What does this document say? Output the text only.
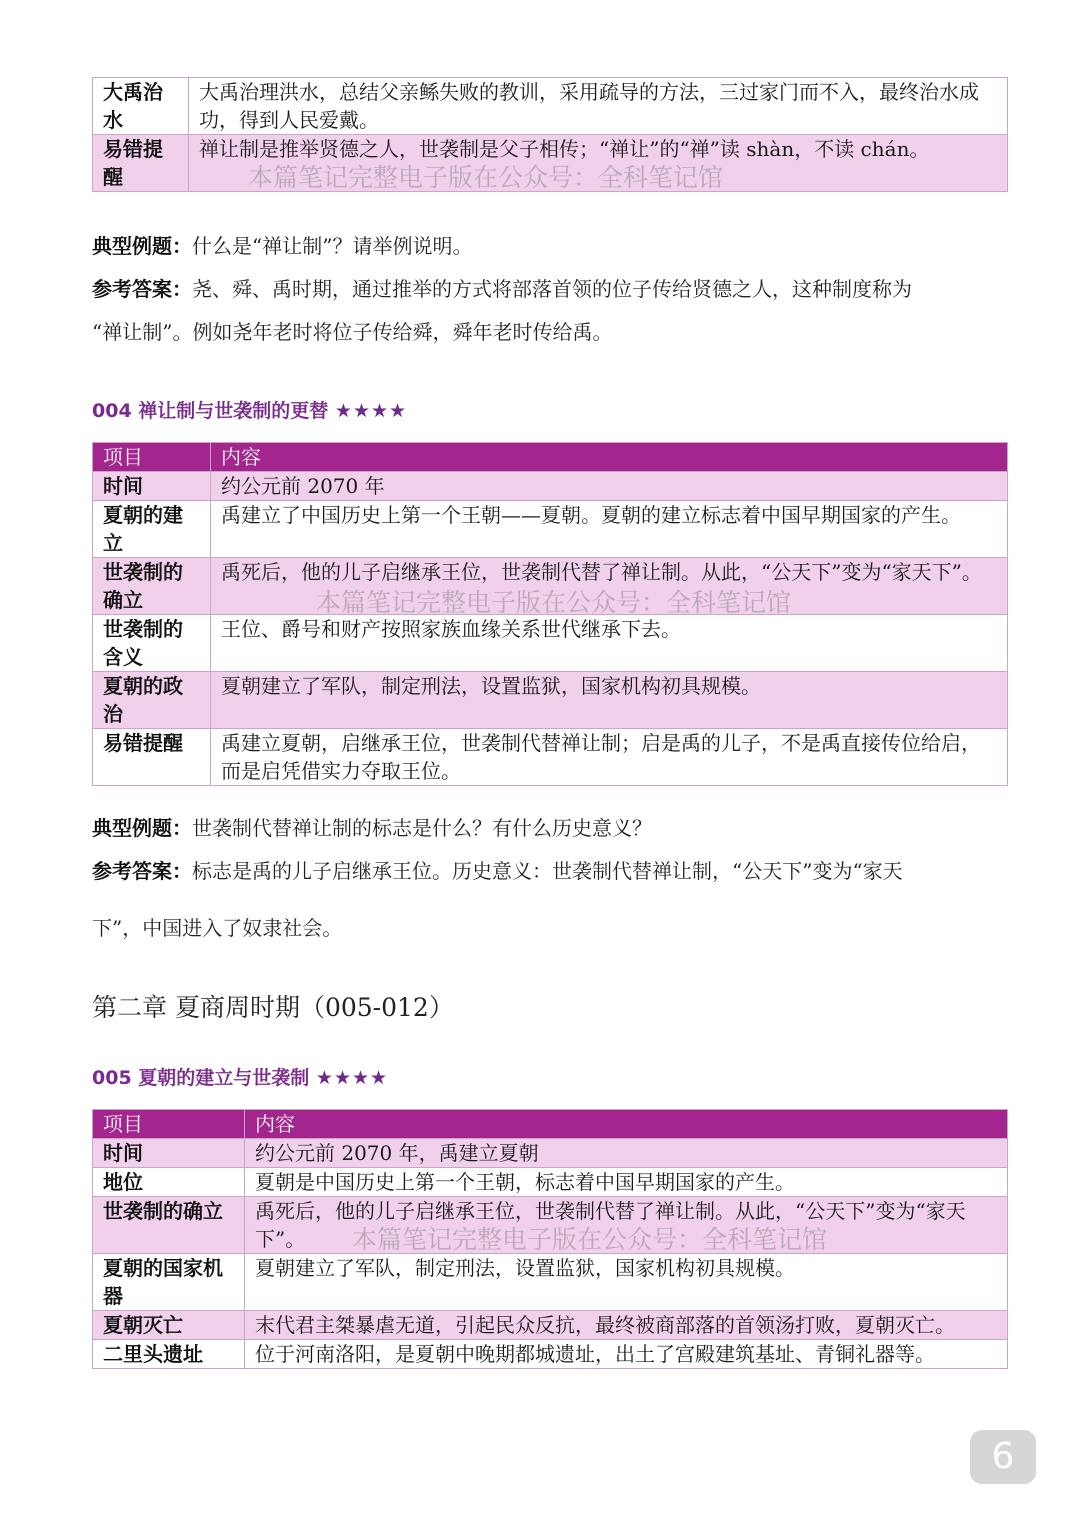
大禹治水	大禹治理洪水，总结父亲鲧失败的教训，采用疏导的方法，三过家门而不入，最终治水成功，得到人民爱戴。
易错提醒	禅让制是推举贤德之人，世袭制是父子相传；“禅让”的“禅”读 shàn，不读 chán。
本篇笔记完整电子版在公众号：全科笔记馆
典型例题：什么是“禅让制”？请举例说明。
参考答案：尧、舜、禹时期，通过推举的方式将部落首领的位子传给贤德之人，这种制度称为
“禅让制”。例如尧年老时将位子传给舜，舜年老时传给禹。
004 禅让制与世袭制的更替 ★★★★
项目	内容
时间	约公元前 2070 年
夏朝的建立	禹建立了中国历史上第一个王朝——夏朝。夏朝的建立标志着中国早期国家的产生。
世袭制的确立	禹死后，他的儿子启继承王位，世袭制代替了禅让制。从此，“公天下”变为“家天下”。
世袭制的含义	王位、爵号和财产按照家族血缘关系世代继承下去。
夏朝的政治	夏朝建立了军队，制定刑法，设置监狱，国家机构初具规模。
易错提醒	禹建立夏朝，启继承王位，世袭制代替禅让制；启是禹的儿子，不是禹直接传位给启，而是启凭借实力夺取王位。
本篇笔记完整电子版在公众号：全科笔记馆
典型例题：世袭制代替禅让制的标志是什么？有什么历史意义？
参考答案：标志是禹的儿子启继承王位。历史意义：世袭制代替禅让制，“公天下”变为“家天
下”，中国进入了奴隶社会。
第二章 夏商周时期（005-012）
005 夏朝的建立与世袭制 ★★★★
项目	内容
时间	约公元前 2070 年，禹建立夏朝
地位	夏朝是中国历史上第一个王朝，标志着中国早期国家的产生。
世袭制的确立	禹死后，他的儿子启继承王位，世袭制代替了禅让制。从此，“公天下”变为“家天下”。
夏朝的国家机器	夏朝建立了军队，制定刑法，设置监狱，国家机构初具规模。
夏朝灭亡	末代君主桀暴虐无道，引起民众反抗，最终被商部落的首领汤打败，夏朝灭亡。
二里头遗址	位于河南洛阳，是夏朝中晚期都城遗址，出土了宫殿建筑基址、青铜礼器等。
本篇笔记完整电子版在公众号：全科笔记馆
6
